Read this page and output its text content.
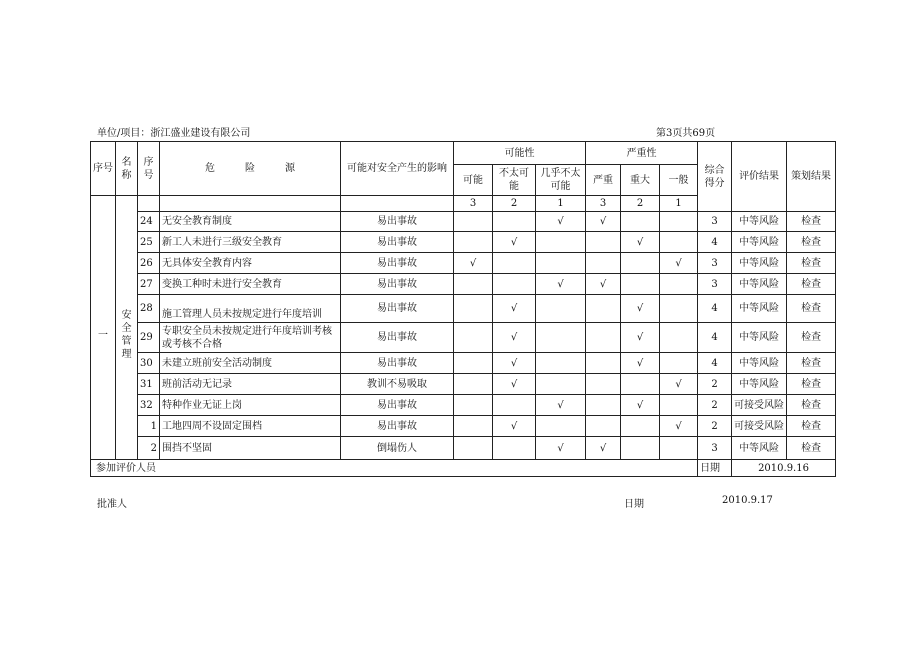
单位/项目：浙江盛业建设有限公司	第3页共69页
序号	名称	序号	危　　　险　　　源	可能对安全产生的影响	可能性			严重性			综合得分	评价结果	策划结果
					可能	不太可能	几乎不太可能	严重	重大	一般			
					3	2	1	3	2	1			
一	安全管理	24	无安全教育制度	易出事故			√	√			3	中等风险	检查
		25	新工人未进行三级安全教育	易出事故		√			√		4	中等风险	检查
		26	无具体安全教育内容	易出事故	√					√	3	中等风险	检查
		27	变换工种时未进行安全教育	易出事故			√	√			3	中等风险	检查
		28	施工管理人员未按规定进行年度培训	易出事故		√			√		4	中等风险	检查
		29	专职安全员未按规定进行年度培训考核或考核不合格	易出事故		√			√		4	中等风险	检查
		30	未建立班前安全活动制度	易出事故		√			√		4	中等风险	检查
		31	班前活动无记录	教训不易吸取		√				√	2	中等风险	检查
		32	特种作业无证上岗	易出事故			√		√		2	可接受风险	检查
		1	工地四周不设固定围档	易出事故		√				√	2	可接受风险	检查
		2	围挡不坚固	倒塌伤人			√	√			3	中等风险	检查
参加评价人员											日期	2010.9.16	
日期
批准人	2010.9.17
